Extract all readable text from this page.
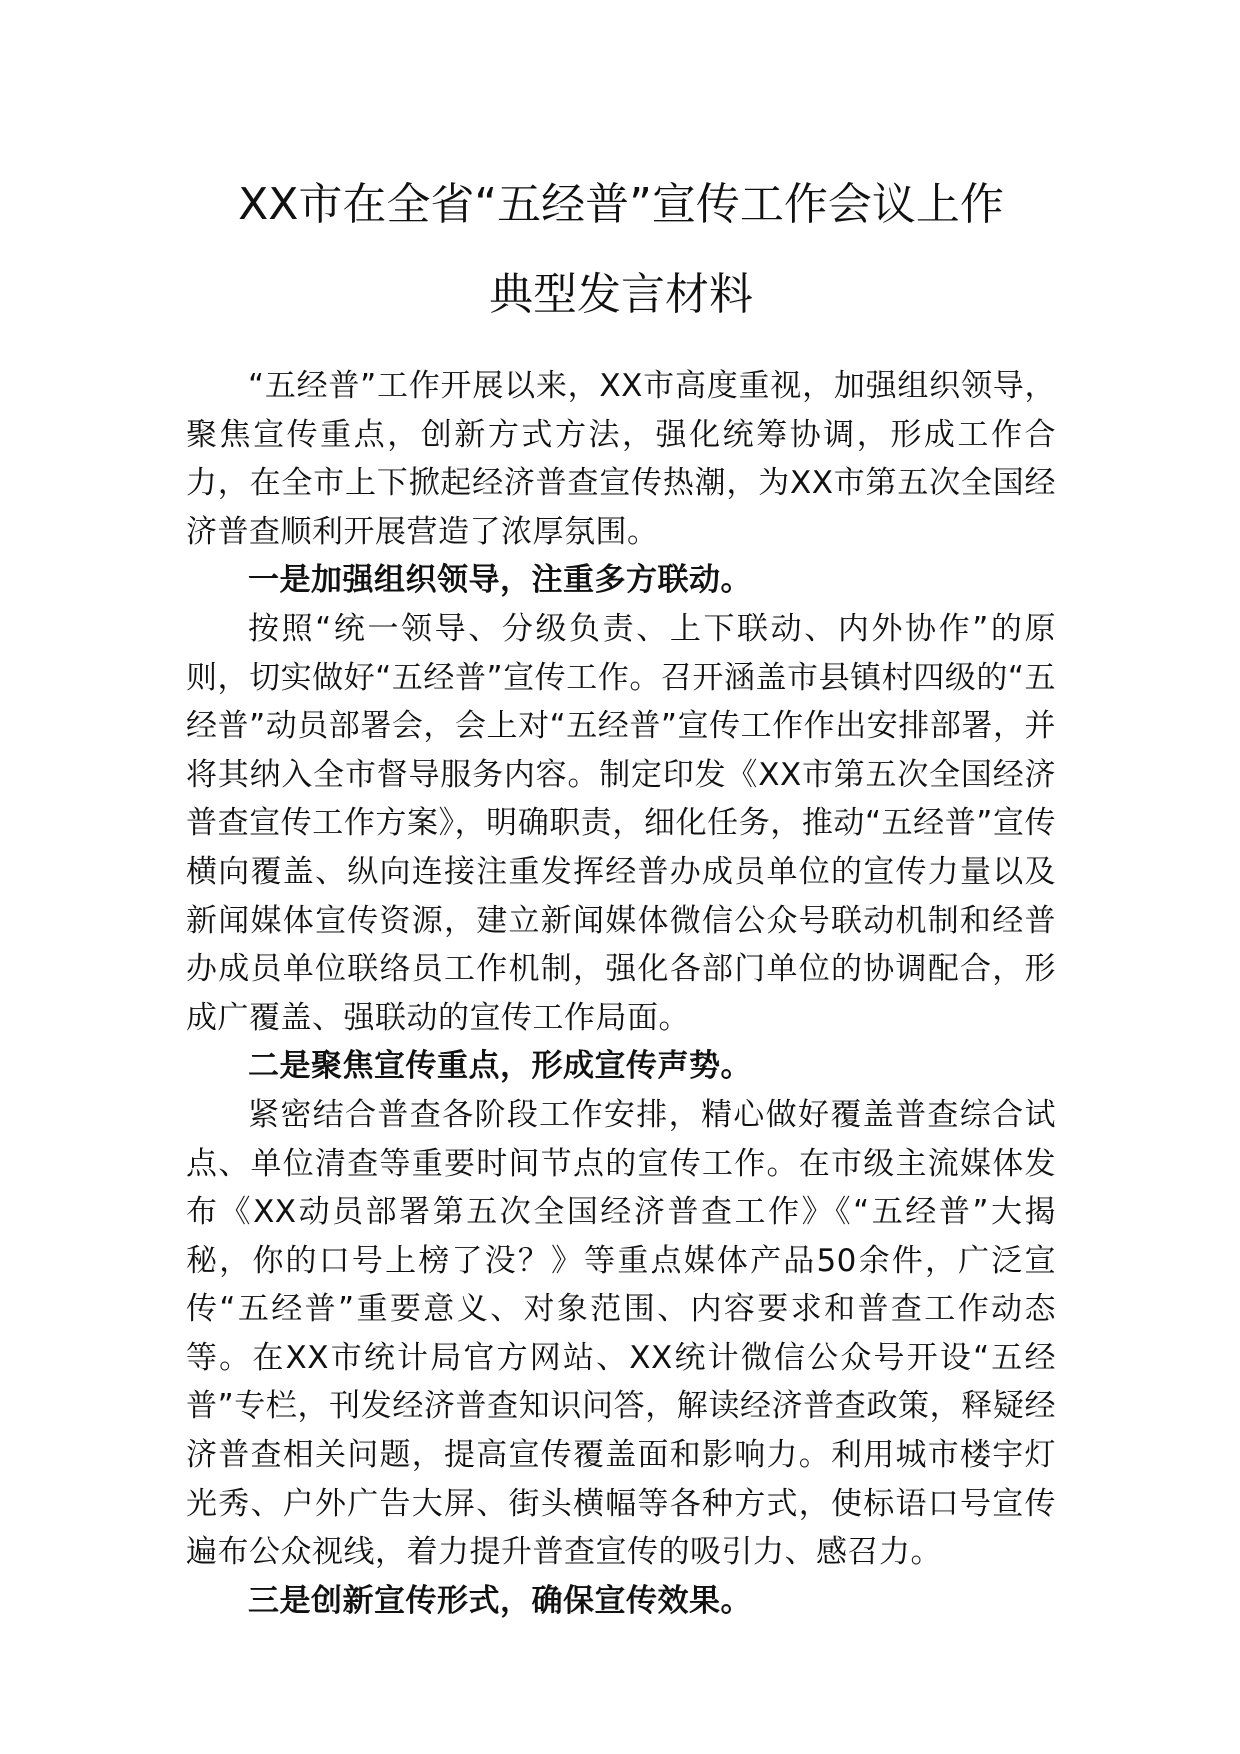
XX市在全省“五经普”宣传工作会议上作
典型发言材料

“五经普”工作开展以来，XX市高度重视，加强组织领导，聚焦宣传重点，创新方式方法，强化统筹协调，形成工作合力，在全市上下掀起经济普查宣传热潮，为XX市第五次全国经济普查顺利开展营造了浓厚氛围。

一是加强组织领导，注重多方联动。

按照“统一领导、分级负责、上下联动、内外协作”的原则，切实做好“五经普”宣传工作。召开涵盖市县镇村四级的“五经普”动员部署会，会上对“五经普”宣传工作作出安排部署，并将其纳入全市督导服务内容。制定印发《XX市第五次全国经济普查宣传工作方案》，明确职责，细化任务，推动“五经普”宣传横向覆盖、纵向连接注重发挥经普办成员单位的宣传力量以及新闻媒体宣传资源，建立新闻媒体微信公众号联动机制和经普办成员单位联络员工作机制，强化各部门单位的协调配合，形成广覆盖、强联动的宣传工作局面。

二是聚焦宣传重点，形成宣传声势。

紧密结合普查各阶段工作安排，精心做好覆盖普查综合试点、单位清查等重要时间节点的宣传工作。在市级主流媒体发布《XX动员部署第五次全国经济普查工作》《“五经普”大揭秘，你的口号上榜了没？》等重点媒体产品50余件，广泛宣传“五经普”重要意义、对象范围、内容要求和普查工作动态等。在XX市统计局官方网站、XX统计微信公众号开设“五经普”专栏，刊发经济普查知识问答，解读经济普查政策，释疑经济普查相关问题，提高宣传覆盖面和影响力。利用城市楼宇灯光秀、户外广告大屏、街头横幅等各种方式，使标语口号宣传遍布公众视线，着力提升普查宣传的吸引力、感召力。

三是创新宣传形式，确保宣传效果。
